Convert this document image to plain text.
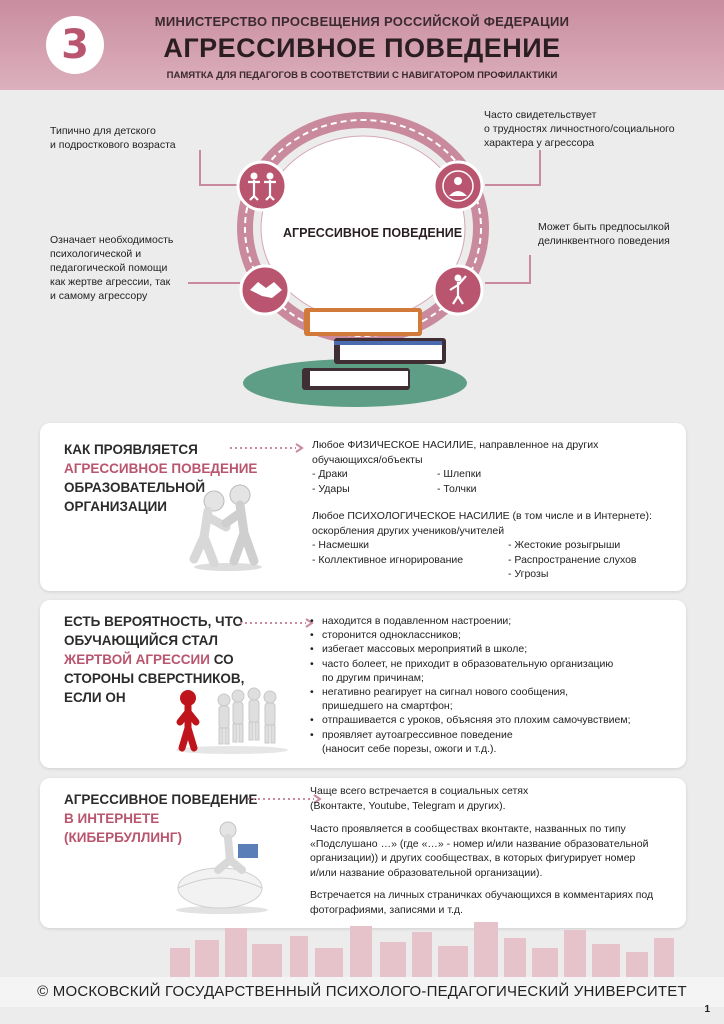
3
МИНИСТЕРСТВО ПРОСВЕЩЕНИЯ РОССИЙСКОЙ ФЕДЕРАЦИИ
АГРЕССИВНОЕ ПОВЕДЕНИЕ
ПАМЯТКА ДЛЯ ПЕДАГОГОВ В СООТВЕТСТВИИ С НАВИГАТОРОМ ПРОФИЛАКТИКИ
АГРЕССИВНОЕ ПОВЕДЕНИЕ
Типично для детского
и подросткового возраста
Означает необходимость
психологической и
педагогической помощи
как жертве агрессии, так
и самому агрессору
Часто свидетельствует
о трудностях личностного/социального
характера у агрессора
Может быть предпосылкой
делинквентного поведения
КАК ПРОЯВЛЯЕТСЯ
АГРЕССИВНОЕ ПОВЕДЕНИЕ
ОБРАЗОВАТЕЛЬНОЙ
ОРГАНИЗАЦИИ
Любое ФИЗИЧЕСКОЕ НАСИЛИЕ, направленное на других
обучающихся/объекты
- Драки
- Удары
- Шлепки
- Толчки
Любое ПСИХОЛОГИЧЕСКОЕ НАСИЛИЕ (в том числе и в Интернете):
оскорбления других учеников/учителей
- Насмешки
- Коллективное игнорирование
- Жестокие розыгрыши
- Распространение слухов
- Угрозы
ЕСТЬ ВЕРОЯТНОСТЬ, ЧТО
ОБУЧАЮЩИЙСЯ СТАЛ
ЖЕРТВОЙ АГРЕССИИ СО
СТОРОНЫ СВЕРСТНИКОВ,
ЕСЛИ ОН
• находится в подавленном настроении;
• сторонится одноклассников;
• избегает массовых мероприятий в школе;
• часто болеет, не приходит в образовательную организацию
по другим причинам;
• негативно реагирует на сигнал нового сообщения,
пришедшего на смартфон;
• отпрашивается с уроков, объясняя это плохим самочувствием;
• проявляет аутоагрессивное поведение
(наносит себе порезы, ожоги и т.д.).
АГРЕССИВНОЕ ПОВЕДЕНИЕ
В ИНТЕРНЕТЕ
(КИБЕРБУЛЛИНГ)
Чаще всего встречается в социальных сетях
(Вконтакте, Youtube, Telegram и других).
Часто проявляется в сообществах вконтакте, названных по типу
«Подслушано …» (где «…» - номер и/или название образовательной
организации)) и других сообществах, в которых фигурирует номер
и/или название образовательной организации).
Встречается на личных страничках обучающихся в комментариях под
фотографиями, записями и т.д.
© МОСКОВСКИЙ ГОСУДАРСТВЕННЫЙ ПСИХОЛОГО-ПЕДАГОГИЧЕСКИЙ УНИВЕРСИТЕТ
1
